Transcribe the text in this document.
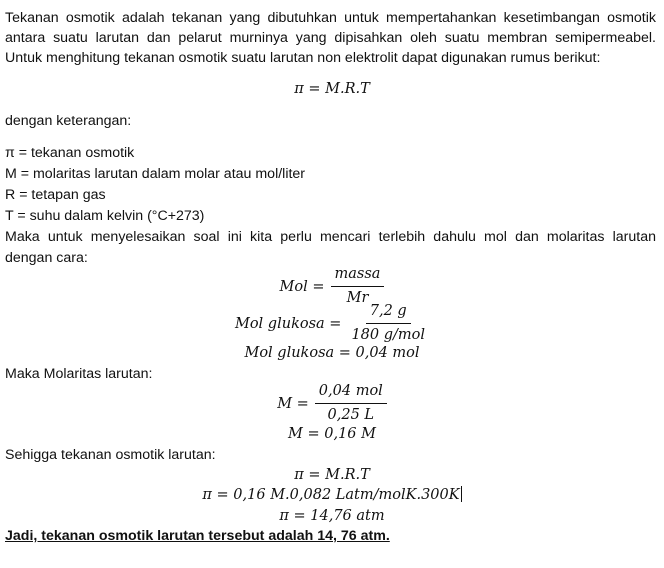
Tekanan osmotik adalah tekanan yang dibutuhkan untuk mempertahankan kesetimbangan osmotik
antara suatu larutan dan pelarut murninya yang dipisahkan oleh suatu membran semipermeabel.
Untuk menghitung tekanan osmotik suatu larutan non elektrolit dapat digunakan rumus berikut:
π = M.R.T
dengan keterangan:
π = tekanan osmotik
M = molaritas larutan dalam molar atau mol/liter
R = tetapan gas
T = suhu dalam kelvin (°C+273)
Maka untuk menyelesaikan soal ini kita perlu mencari terlebih dahulu mol dan molaritas larutan
dengan cara:
Mol = $\frac{\text{massa}}{Mr}$
Mol glukosa = $\frac{7,2 g}{\text{180 g/mol}}$
Mol glukosa = 0,04 mol
Maka Molaritas larutan:
$M = \frac{\text{0,04 mol}}{0,25 L}$
M = 0,16 M
Sehigga tekanan osmotik larutan:
π = M.R.T
π = 0,16 M.0,082 Latm/molK.300K
π = 14,76 atm
Jadi, tekanan osmotik larutan tersebut adalah 14, 76 atm.
